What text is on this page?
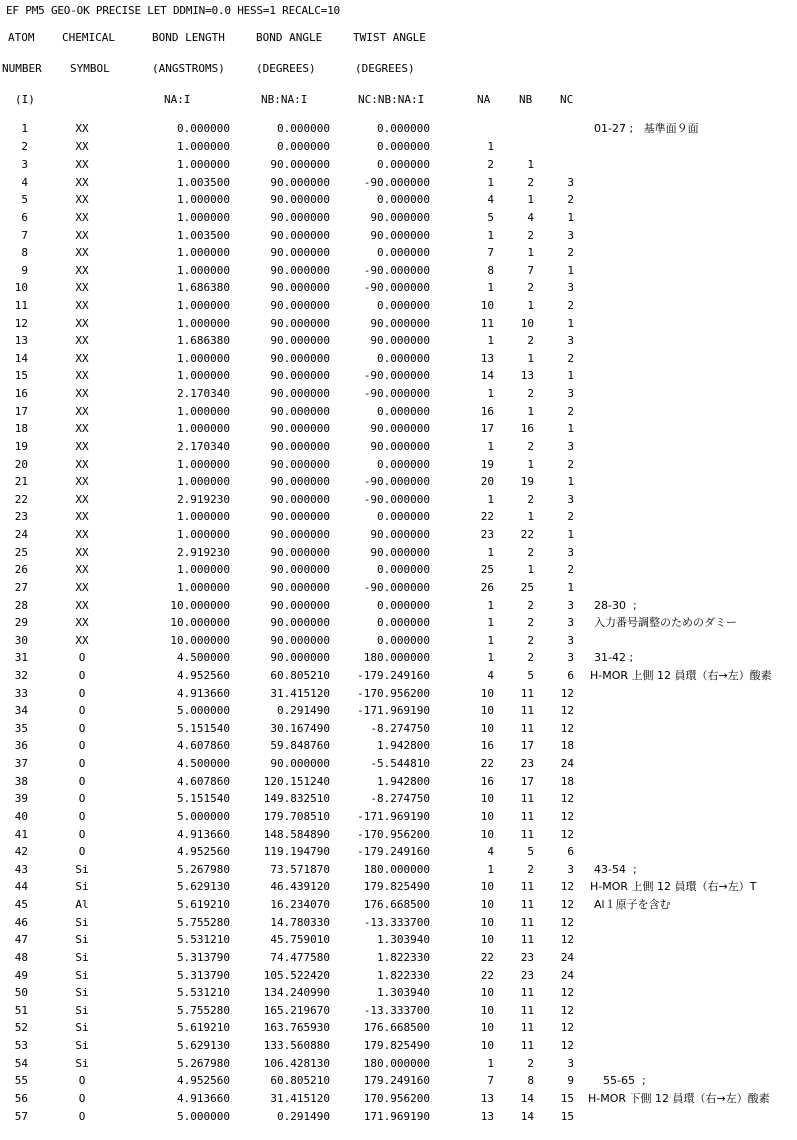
EF PM5 GEO-OK PRECISE LET DDMIN=0.0 HESS=1 RECALC=10
ATOM	CHEMICAL	BOND LENGTH	BOND ANGLE	TWIST ANGLE
NUMBER	SYMBOL	(ANGSTROMS)	(DEGREES)	(DEGREES)
(I)	NA:I	NB:NA:I	NC:NB:NA:I	NA	NB	NC
1	XX	0.000000	0.000000	0.000000
2	XX	1.000000	0.000000	0.000000	1
3	XX	1.000000	90.000000	0.000000	2	1
4	XX	1.003500	90.000000	-90.000000	1	2	3
5	XX	1.000000	90.000000	0.000000	4	1	2
6	XX	1.000000	90.000000	90.000000	5	4	1
7	XX	1.003500	90.000000	90.000000	1	2	3
8	XX	1.000000	90.000000	0.000000	7	1	2
9	XX	1.000000	90.000000	-90.000000	8	7	1
10	XX	1.686380	90.000000	-90.000000	1	2	3
11	XX	1.000000	90.000000	0.000000	10	1	2
12	XX	1.000000	90.000000	90.000000	11	10	1
13	XX	1.686380	90.000000	90.000000	1	2	3
14	XX	1.000000	90.000000	0.000000	13	1	2
15	XX	1.000000	90.000000	-90.000000	14	13	1
16	XX	2.170340	90.000000	-90.000000	1	2	3
17	XX	1.000000	90.000000	0.000000	16	1	2
18	XX	1.000000	90.000000	90.000000	17	16	1
19	XX	2.170340	90.000000	90.000000	1	2	3
20	XX	1.000000	90.000000	0.000000	19	1	2
21	XX	1.000000	90.000000	-90.000000	20	19	1
22	XX	2.919230	90.000000	-90.000000	1	2	3
23	XX	1.000000	90.000000	0.000000	22	1	2
24	XX	1.000000	90.000000	90.000000	23	22	1
25	XX	2.919230	90.000000	90.000000	1	2	3
26	XX	1.000000	90.000000	0.000000	25	1	2
27	XX	1.000000	90.000000	-90.000000	26	25	1
28	XX	10.000000	90.000000	0.000000	1	2	3
29	XX	10.000000	90.000000	0.000000	1	2	3
30	XX	10.000000	90.000000	0.000000	1	2	3
31	O	4.500000	90.000000	180.000000	1	2	3
32	O	4.952560	60.805210	-179.249160	4	5	6
33	O	4.913660	31.415120	-170.956200	10	11	12
34	O	5.000000	0.291490	-171.969190	10	11	12
35	O	5.151540	30.167490	-8.274750	10	11	12
36	O	4.607860	59.848760	1.942800	16	17	18
37	O	4.500000	90.000000	-5.544810	22	23	24
38	O	4.607860	120.151240	1.942800	16	17	18
39	O	5.151540	149.832510	-8.274750	10	11	12
40	O	5.000000	179.708510	-171.969190	10	11	12
41	O	4.913660	148.584890	-170.956200	10	11	12
42	O	4.952560	119.194790	-179.249160	4	5	6
43	Si	5.267980	73.571870	180.000000	1	2	3
44	Si	5.629130	46.439120	179.825490	10	11	12
45	Al	5.619210	16.234070	176.668500	10	11	12
46	Si	5.755280	14.780330	-13.333700	10	11	12
47	Si	5.531210	45.759010	1.303940	10	11	12
48	Si	5.313790	74.477580	1.822330	22	23	24
49	Si	5.313790	105.522420	1.822330	22	23	24
50	Si	5.531210	134.240990	1.303940	10	11	12
51	Si	5.755280	165.219670	-13.333700	10	11	12
52	Si	5.619210	163.765930	176.668500	10	11	12
53	Si	5.629130	133.560880	179.825490	10	11	12
54	Si	5.267980	106.428130	180.000000	1	2	3
55	O	4.952560	60.805210	179.249160	7	8	9
56	O	4.913660	31.415120	170.956200	13	14	15
57	O	5.000000	0.291490	171.969190	13	14	15
01-27 ;   基準面９面
28-30  ;
入力番号調整のためのダミー
31-42 ;
H-MOR 上側 12 員環（右→左）酸素
43-54  ;
H-MOR 上側 12 員環（右→左）T
Al１原子を含む
55-65  ;
H-MOR 下側 12 員環（右→左）酸素
